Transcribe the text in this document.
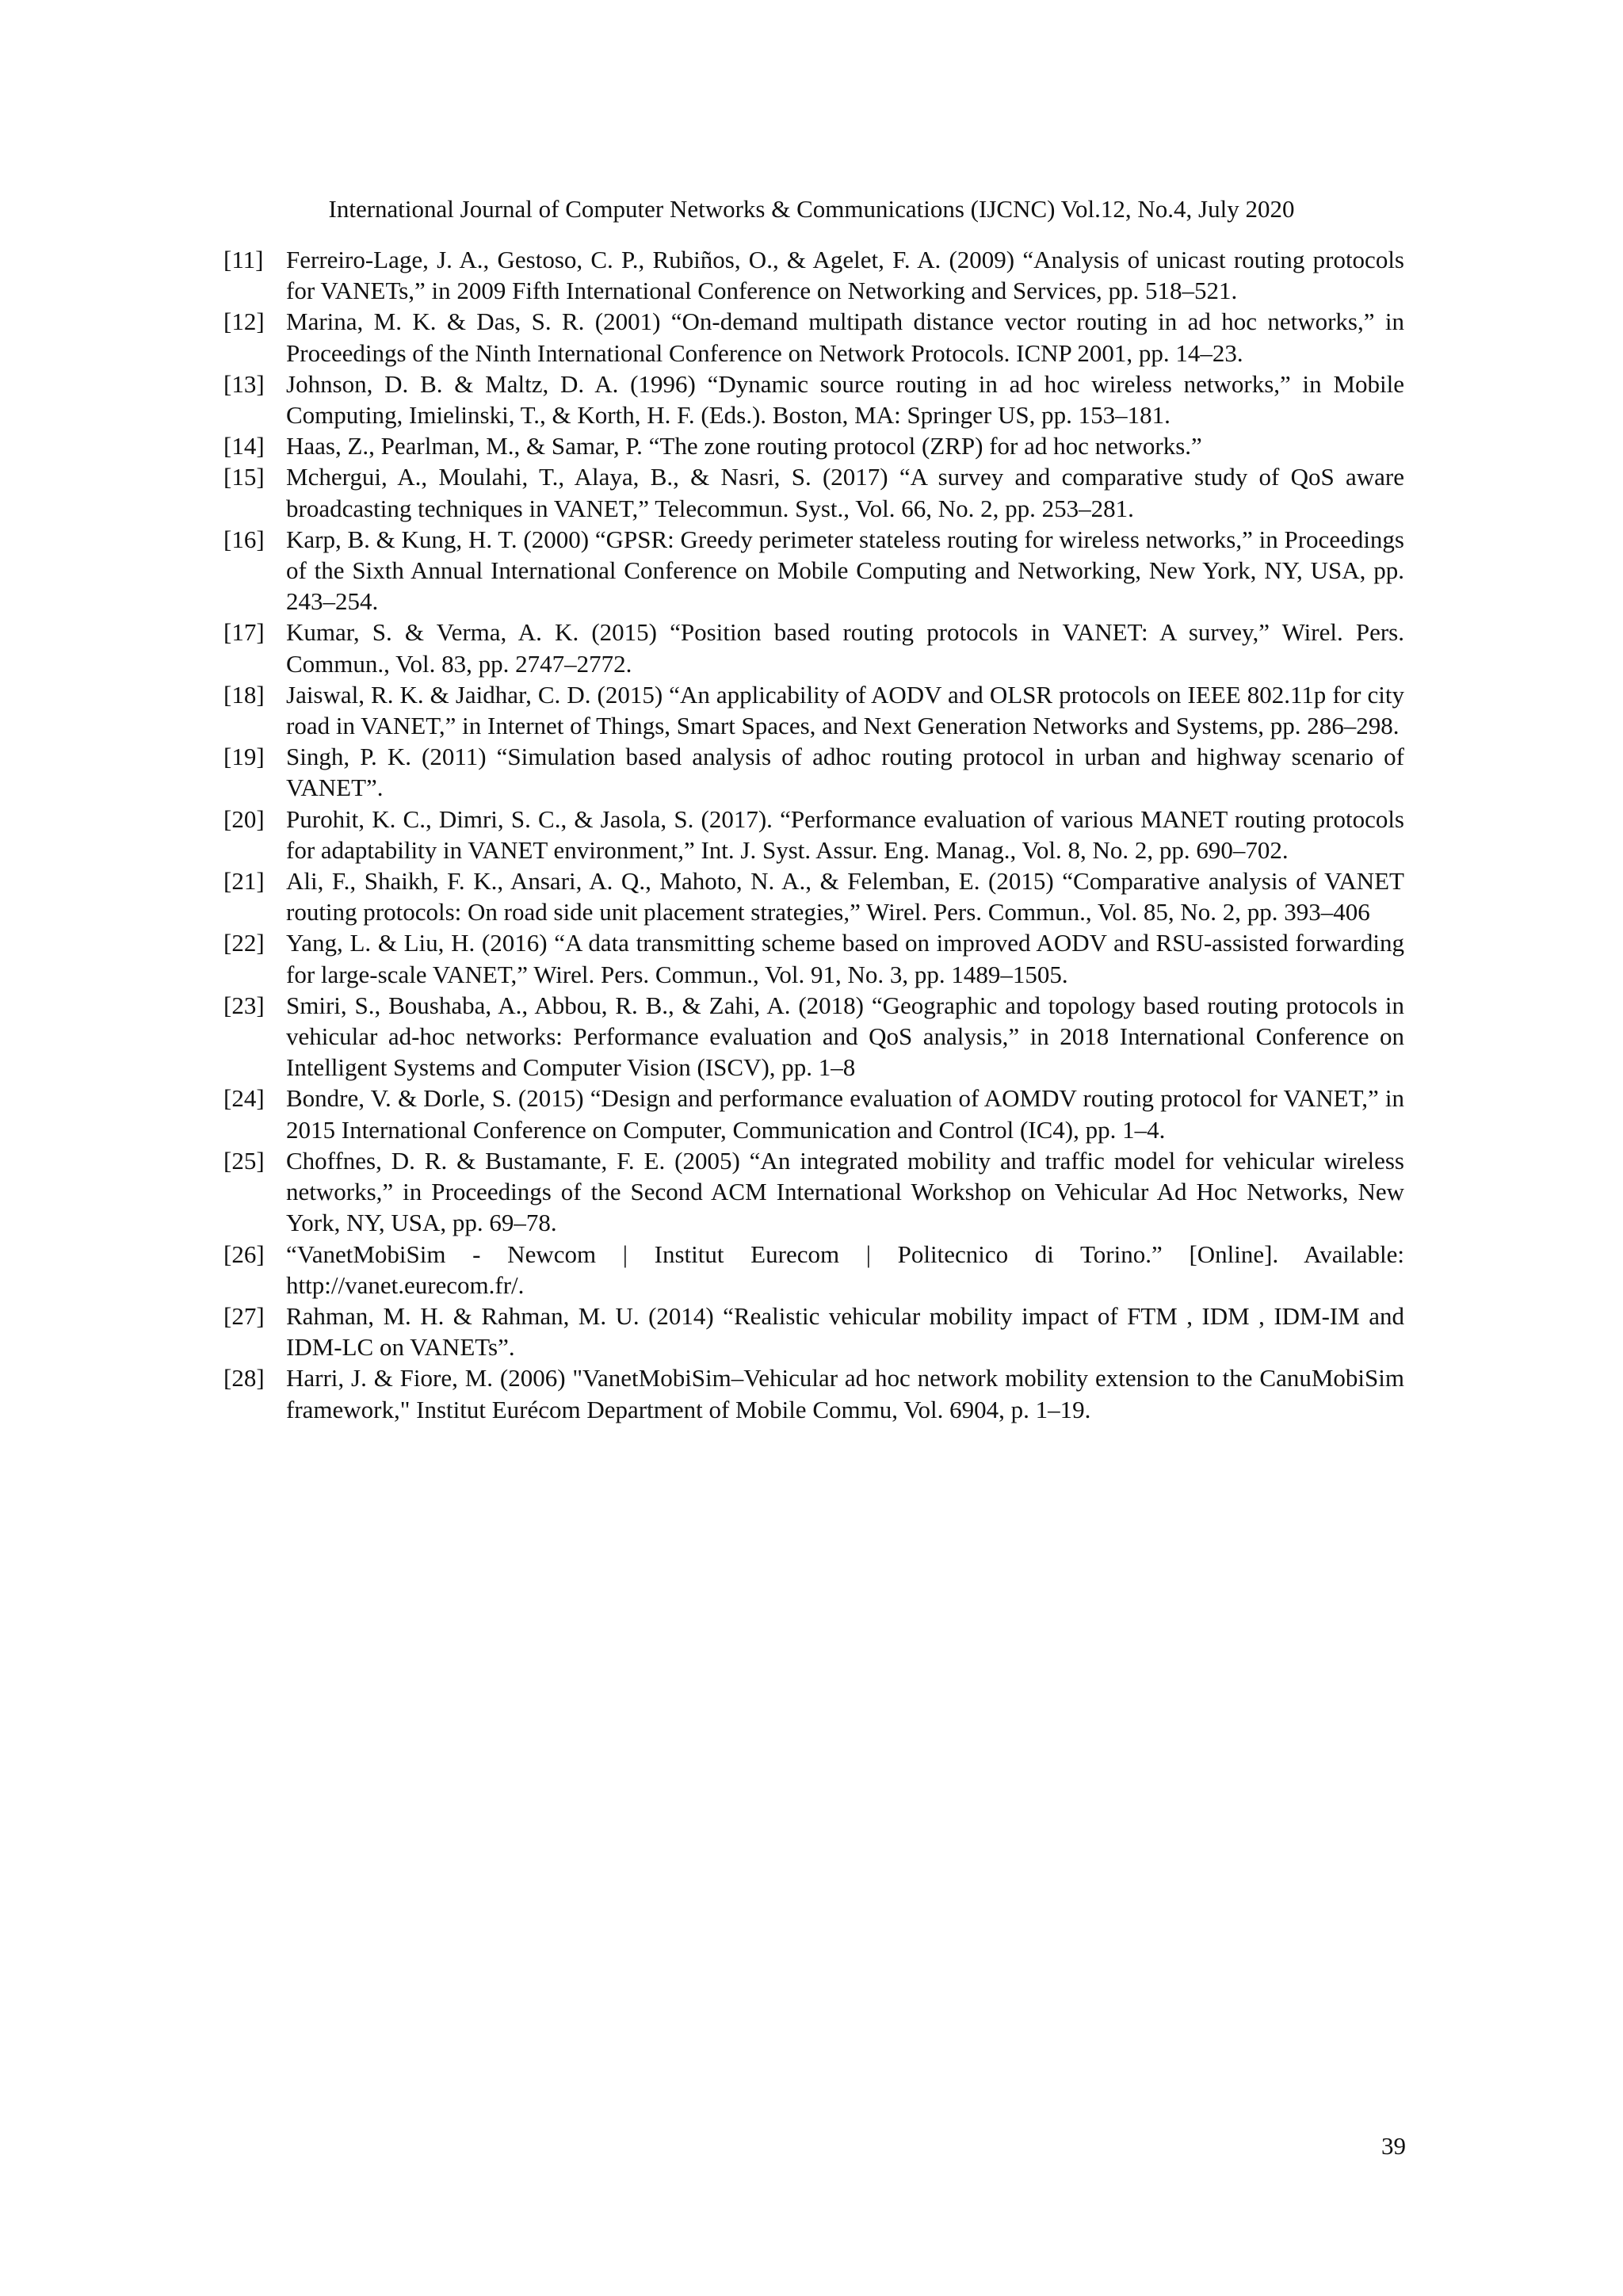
International Journal of Computer Networks & Communications (IJCNC) Vol.12, No.4, July 2020

[11] Ferreiro-Lage, J. A., Gestoso, C. P., Rubiños, O., & Agelet, F. A. (2009) “Analysis of unicast routing protocols for VANETs,” in 2009 Fifth International Conference on Networking and Services, pp. 518–521.
[12] Marina, M. K. & Das, S. R. (2001) “On-demand multipath distance vector routing in ad hoc networks,” in Proceedings of the Ninth International Conference on Network Protocols. ICNP 2001, pp. 14–23.
[13] Johnson, D. B. & Maltz, D. A. (1996) “Dynamic source routing in ad hoc wireless networks,” in Mobile Computing, Imielinski, T., & Korth, H. F. (Eds.). Boston, MA: Springer US, pp. 153–181.
[14] Haas, Z., Pearlman, M., & Samar, P. “The zone routing protocol (ZRP) for ad hoc networks.”
[15] Mchergui, A., Moulahi, T., Alaya, B., & Nasri, S. (2017) “A survey and comparative study of QoS aware broadcasting techniques in VANET,” Telecommun. Syst., Vol. 66, No. 2, pp. 253–281.
[16] Karp, B. & Kung, H. T. (2000) “GPSR: Greedy perimeter stateless routing for wireless networks,” in Proceedings of the Sixth Annual International Conference on Mobile Computing and Networking, New York, NY, USA, pp. 243–254.
[17] Kumar, S. & Verma, A. K. (2015) “Position based routing protocols in VANET: A survey,” Wirel. Pers. Commun., Vol. 83, pp. 2747–2772.
[18] Jaiswal, R. K. & Jaidhar, C. D. (2015) “An applicability of AODV and OLSR protocols on IEEE 802.11p for city road in VANET,” in Internet of Things, Smart Spaces, and Next Generation Networks and Systems, pp. 286–298.
[19] Singh, P. K. (2011) “Simulation based analysis of adhoc routing protocol in urban and highway scenario of VANET”.
[20] Purohit, K. C., Dimri, S. C., & Jasola, S. (2017). “Performance evaluation of various MANET routing protocols for adaptability in VANET environment,” Int. J. Syst. Assur. Eng. Manag., Vol. 8, No. 2, pp. 690–702.
[21] Ali, F., Shaikh, F. K., Ansari, A. Q., Mahoto, N. A., & Felemban, E. (2015) “Comparative analysis of VANET routing protocols: On road side unit placement strategies,” Wirel. Pers. Commun., Vol. 85, No. 2, pp. 393–406
[22] Yang, L. & Liu, H. (2016) “A data transmitting scheme based on improved AODV and RSU-assisted forwarding for large-scale VANET,” Wirel. Pers. Commun., Vol. 91, No. 3, pp. 1489–1505.
[23] Smiri, S., Boushaba, A., Abbou, R. B., & Zahi, A. (2018) “Geographic and topology based routing protocols in vehicular ad-hoc networks: Performance evaluation and QoS analysis,” in 2018 International Conference on Intelligent Systems and Computer Vision (ISCV), pp. 1–8
[24] Bondre, V. & Dorle, S. (2015) “Design and performance evaluation of AOMDV routing protocol for VANET,” in 2015 International Conference on Computer, Communication and Control (IC4), pp. 1–4.
[25] Choffnes, D. R. & Bustamante, F. E. (2005) “An integrated mobility and traffic model for vehicular wireless networks,” in Proceedings of the Second ACM International Workshop on Vehicular Ad Hoc Networks, New York, NY, USA, pp. 69–78.
[26] “VanetMobiSim - Newcom | Institut Eurecom | Politecnico di Torino.” [Online]. Available: http://vanet.eurecom.fr/.
[27] Rahman, M. H. & Rahman, M. U. (2014) “Realistic vehicular mobility impact of FTM , IDM , IDM-IM and IDM-LC on VANETs”.
[28] Harri, J. & Fiore, M. (2006) "VanetMobiSim–Vehicular ad hoc network mobility extension to the CanuMobiSim framework," Institut Eurécom Department of Mobile Commu, Vol. 6904, p. 1–19.

39
